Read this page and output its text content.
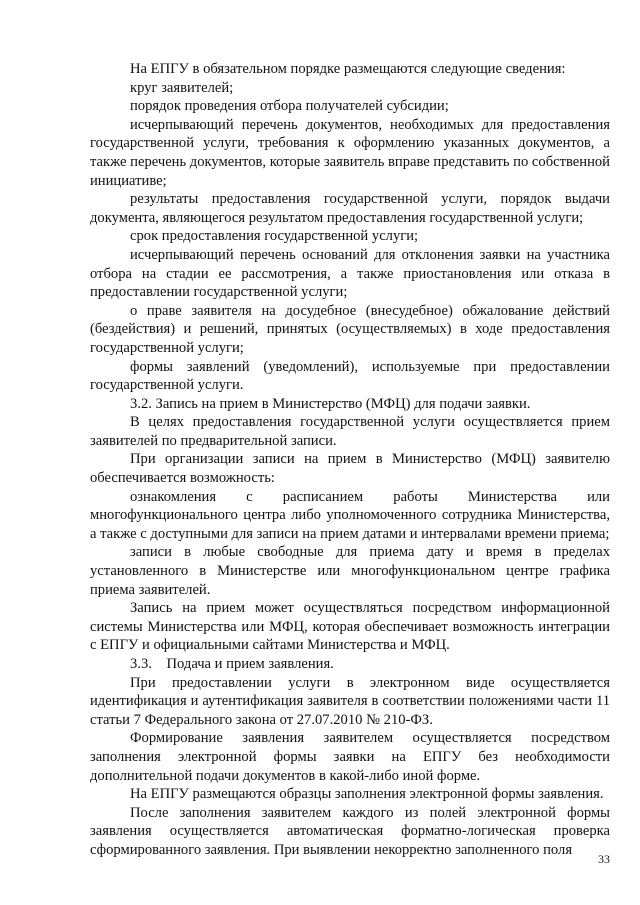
На ЕПГУ в обязательном порядке размещаются следующие сведения:

круг заявителей;

порядок проведения отбора получателей субсидии;

исчерпывающий перечень документов, необходимых для предоставления государственной услуги, требования к оформлению указанных документов, а также перечень документов, которые заявитель вправе представить по собственной инициативе;

результаты предоставления государственной услуги, порядок выдачи документа, являющегося результатом предоставления государственной услуги;

срок предоставления государственной услуги;

исчерпывающий перечень оснований для отклонения заявки на участника отбора на стадии ее рассмотрения, а также приостановления или отказа в предоставлении государственной услуги;

о праве заявителя на досудебное (внесудебное) обжалование действий (бездействия) и решений, принятых (осуществляемых) в ходе предоставления государственной услуги;

формы заявлений (уведомлений), используемые при предоставлении государственной услуги.

3.2. Запись на прием в Министерство (МФЦ) для подачи заявки.

В целях предоставления государственной услуги осуществляется прием заявителей по предварительной записи.

При организации записи на прием в Министерство (МФЦ) заявителю обеспечивается возможность:

ознакомления с расписанием работы Министерства или многофункционального центра либо уполномоченного сотрудника Министерства, а также с доступными для записи на прием датами и интервалами времени приема;

записи в любые свободные для приема дату и время в пределах установленного в Министерстве или многофункциональном центре графика приема заявителей.

Запись на прием может осуществляться посредством информационной системы Министерства или МФЦ, которая обеспечивает возможность интеграции с ЕПГУ и официальными сайтами Министерства и МФЦ.

3.3.    Подача и прием заявления.

При предоставлении услуги в электронном виде осуществляется идентификация и аутентификация заявителя в соответствии положениями части 11 статьи 7 Федерального закона от 27.07.2010 № 210-ФЗ.

Формирование заявления заявителем осуществляется посредством заполнения электронной формы заявки на ЕПГУ без необходимости дополнительной подачи документов в какой-либо иной форме.

На ЕПГУ размещаются образцы заполнения электронной формы заявления.

После заполнения заявителем каждого из полей электронной формы заявления осуществляется автоматическая форматно-логическая проверка сформированного заявления. При выявлении некорректно заполненного поля

33
